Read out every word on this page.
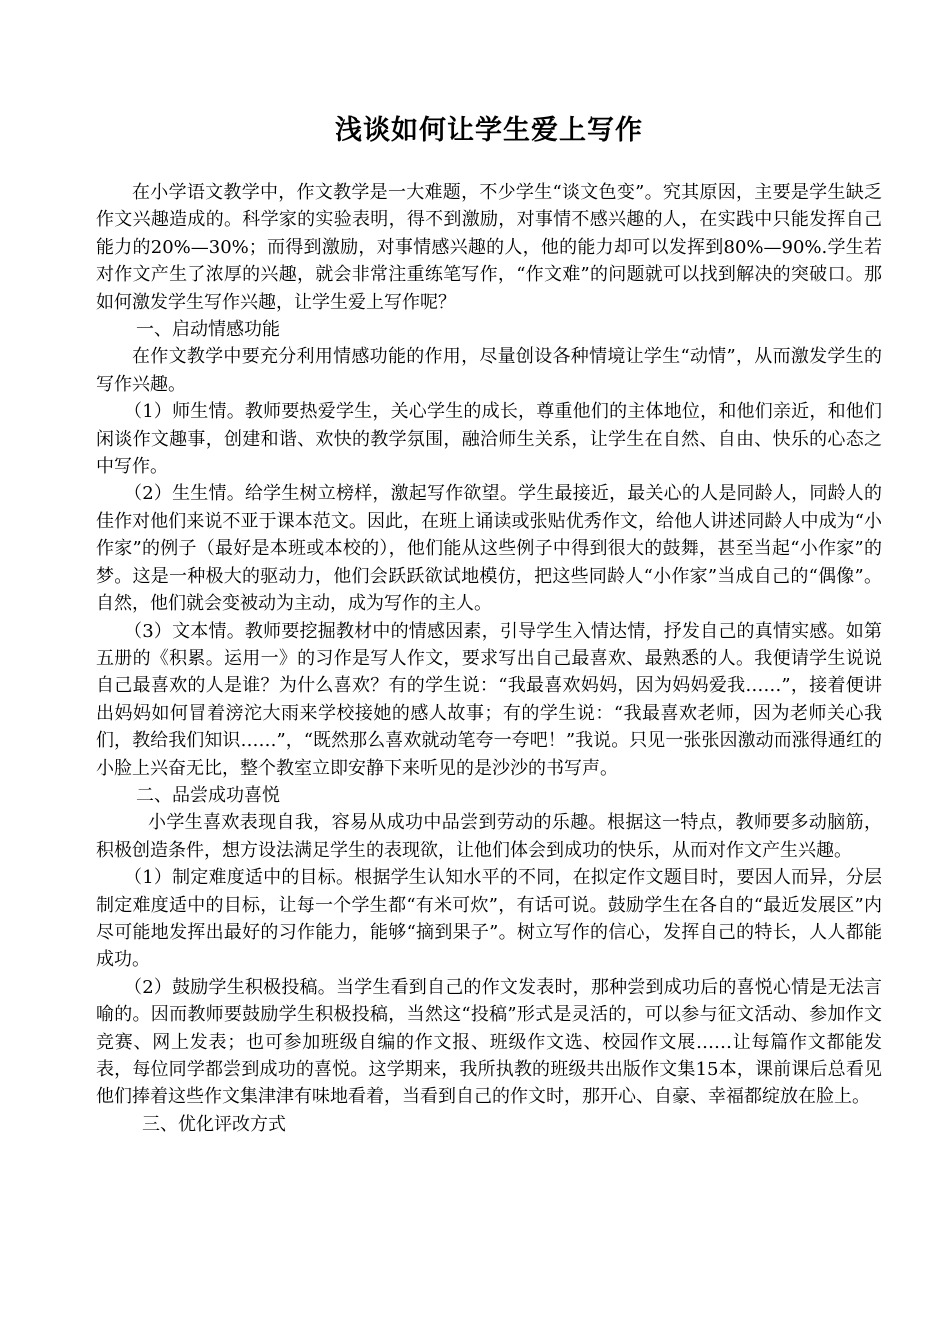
浅谈如何让学生爱上写作

在小学语文教学中，作文教学是一大难题，不少学生“谈文色变”。究其原因，主要是学生缺乏作文兴趣造成的。科学家的实验表明，得不到激励，对事情不感兴趣的人，在实践中只能发挥自己能力的20%—30%；而得到激励，对事情感兴趣的人，他的能力却可以发挥到80%—90%.学生若对作文产生了浓厚的兴趣，就会非常注重练笔写作，“作文难”的问题就可以找到解决的突破口。那如何激发学生写作兴趣，让学生爱上写作呢？

一、启动情感功能

在作文教学中要充分利用情感功能的作用，尽量创设各种情境让学生“动情”，从而激发学生的写作兴趣。

（1）师生情。教师要热爱学生，关心学生的成长，尊重他们的主体地位，和他们亲近，和他们闲谈作文趣事，创建和谐、欢快的教学氛围，融洽师生关系，让学生在自然、自由、快乐的心态之中写作。

（2）生生情。给学生树立榜样，激起写作欲望。学生最接近，最关心的人是同龄人，同龄人的佳作对他们来说不亚于课本范文。因此，在班上诵读或张贴优秀作文，给他人讲述同龄人中成为“小作家”的例子（最好是本班或本校的），他们能从这些例子中得到很大的鼓舞，甚至当起“小作家”的梦。这是一种极大的驱动力，他们会跃跃欲试地模仿，把这些同龄人“小作家”当成自己的“偶像”。自然，他们就会变被动为主动，成为写作的主人。

（3）文本情。教师要挖掘教材中的情感因素，引导学生入情达情，抒发自己的真情实感。如第五册的《积累。运用一》的习作是写人作文，要求写出自己最喜欢、最熟悉的人。我便请学生说说自己最喜欢的人是谁？为什么喜欢？有的学生说：“我最喜欢妈妈，因为妈妈爱我……”，接着便讲出妈妈如何冒着滂沱大雨来学校接她的感人故事；有的学生说：“我最喜欢老师，因为老师关心我们，教给我们知识……”，“既然那么喜欢就动笔夸一夸吧！”我说。只见一张张因激动而涨得通红的小脸上兴奋无比，整个教室立即安静下来听见的是沙沙的书写声。

二、品尝成功喜悦

小学生喜欢表现自我，容易从成功中品尝到劳动的乐趣。根据这一特点，教师要多动脑筋，积极创造条件，想方设法满足学生的表现欲，让他们体会到成功的快乐，从而对作文产生兴趣。

（1）制定难度适中的目标。根据学生认知水平的不同，在拟定作文题目时，要因人而异，分层制定难度适中的目标，让每一个学生都“有米可炊”，有话可说。鼓励学生在各自的“最近发展区”内尽可能地发挥出最好的习作能力，能够“摘到果子”。树立写作的信心，发挥自己的特长，人人都能成功。

（2）鼓励学生积极投稿。当学生看到自己的作文发表时，那种尝到成功后的喜悦心情是无法言喻的。因而教师要鼓励学生积极投稿，当然这“投稿”形式是灵活的，可以参与征文活动、参加作文竞赛、网上发表；也可参加班级自编的作文报、班级作文选、校园作文展……让每篇作文都能发表，每位同学都尝到成功的喜悦。这学期来，我所执教的班级共出版作文集15本，课前课后总看见他们捧着这些作文集津津有味地看着，当看到自己的作文时，那开心、自豪、幸福都绽放在脸上。

三、优化评改方式
